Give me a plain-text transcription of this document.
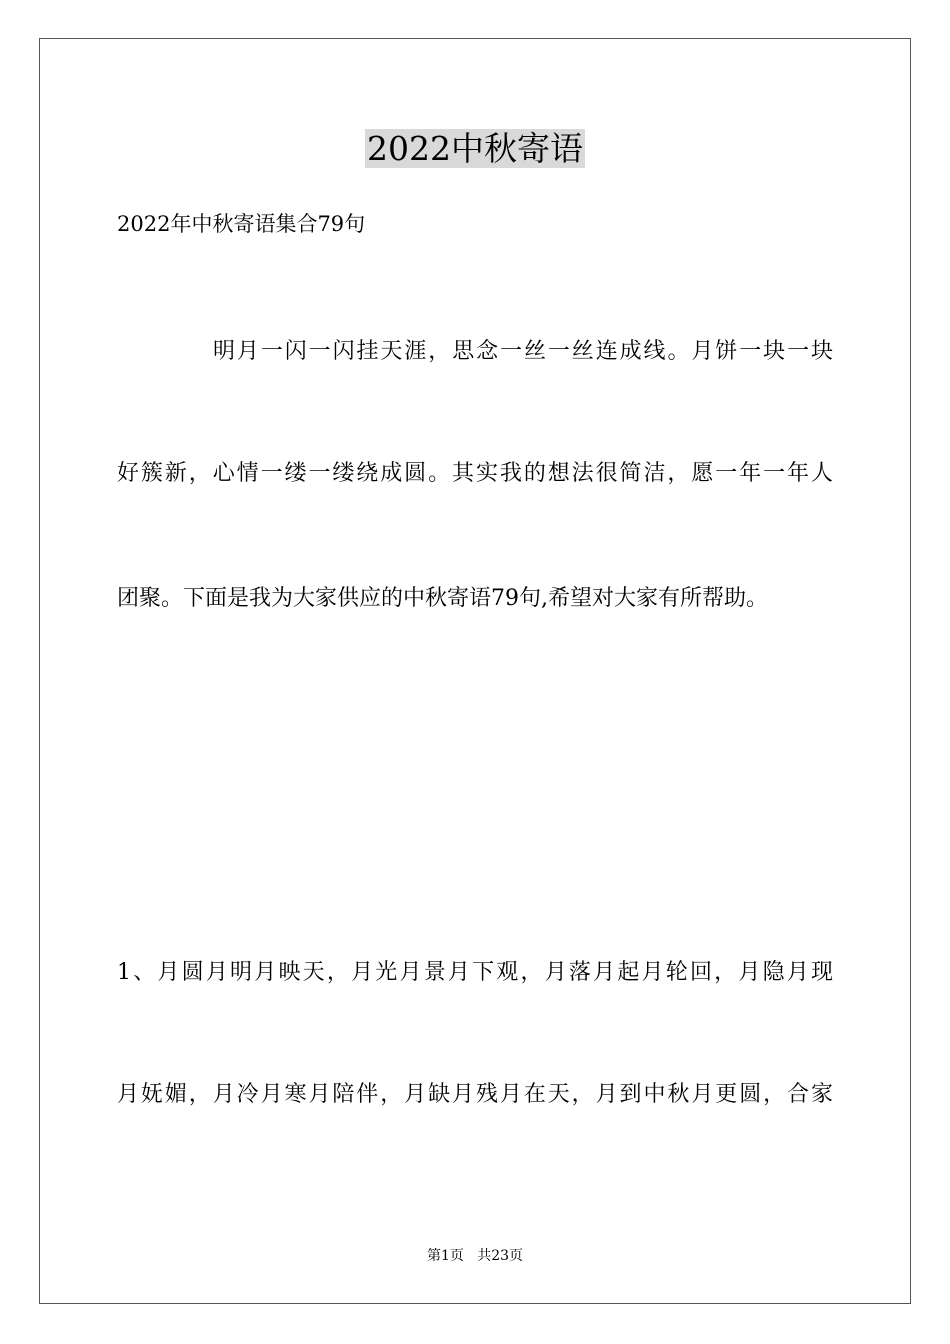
2022中秋寄语
2022年中秋寄语集合79句
明月一闪一闪挂天涯，思念一丝一丝连成线。月饼一块一块
好簇新，心情一缕一缕绕成圆。其实我的想法很简洁，愿一年一年人
团聚。下面是我为大家供应的中秋寄语79句,希望对大家有所帮助。
1、月圆月明月映天，月光月景月下观，月落月起月轮回，月隐月现
月妩媚，月冷月寒月陪伴，月缺月残月在天，月到中秋月更圆，合家
第1页   共23页
